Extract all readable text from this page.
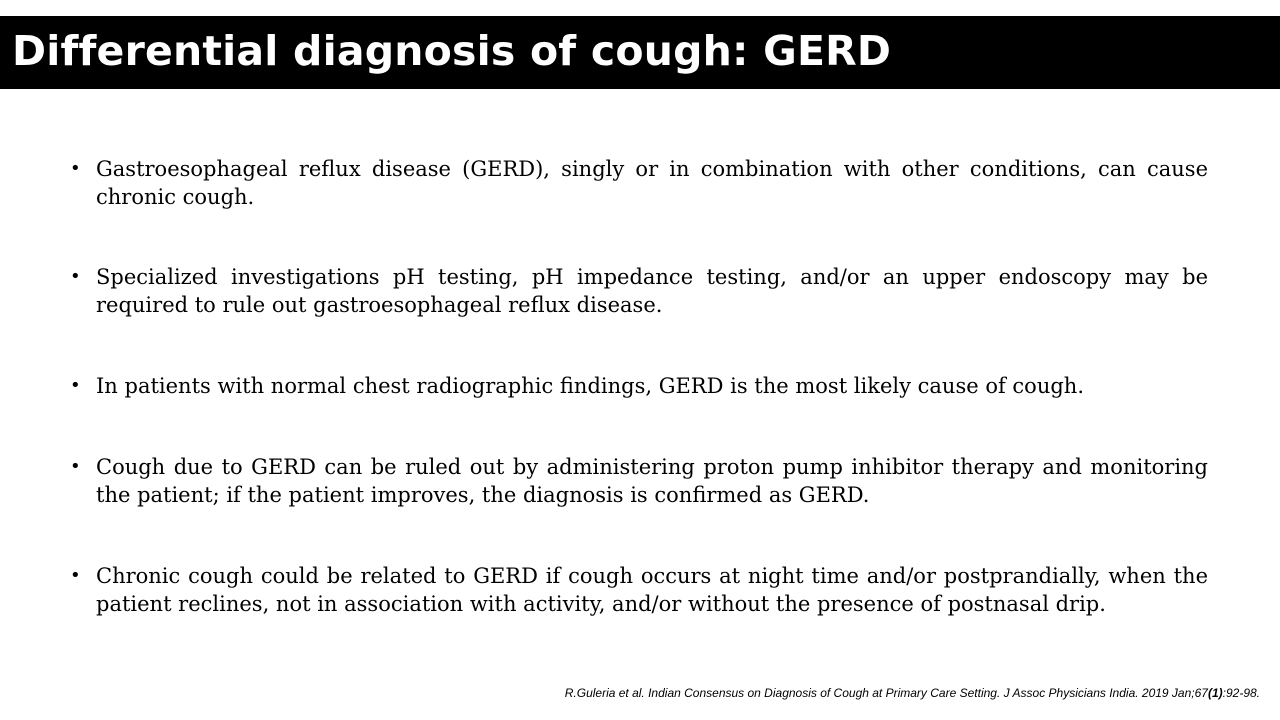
Differential diagnosis of cough: GERD
• Gastroesophageal reflux disease (GERD), singly or in combination with other conditions, can cause chronic cough.
• Specialized investigations pH testing, pH impedance testing, and/or an upper endoscopy may be required to rule out gastroesophageal reflux disease.
• In patients with normal chest radiographic findings, GERD is the most likely cause of cough.
• Cough due to GERD can be ruled out by administering proton pump inhibitor therapy and monitoring the patient; if the patient improves, the diagnosis is confirmed as GERD.
• Chronic cough could be related to GERD if cough occurs at night time and/or postprandially, when the patient reclines, not in association with activity, and/or without the presence of postnasal drip.
R.Guleria et al. Indian Consensus on Diagnosis of Cough at Primary Care Setting. J Assoc Physicians India. 2019 Jan;67(1):92-98.
